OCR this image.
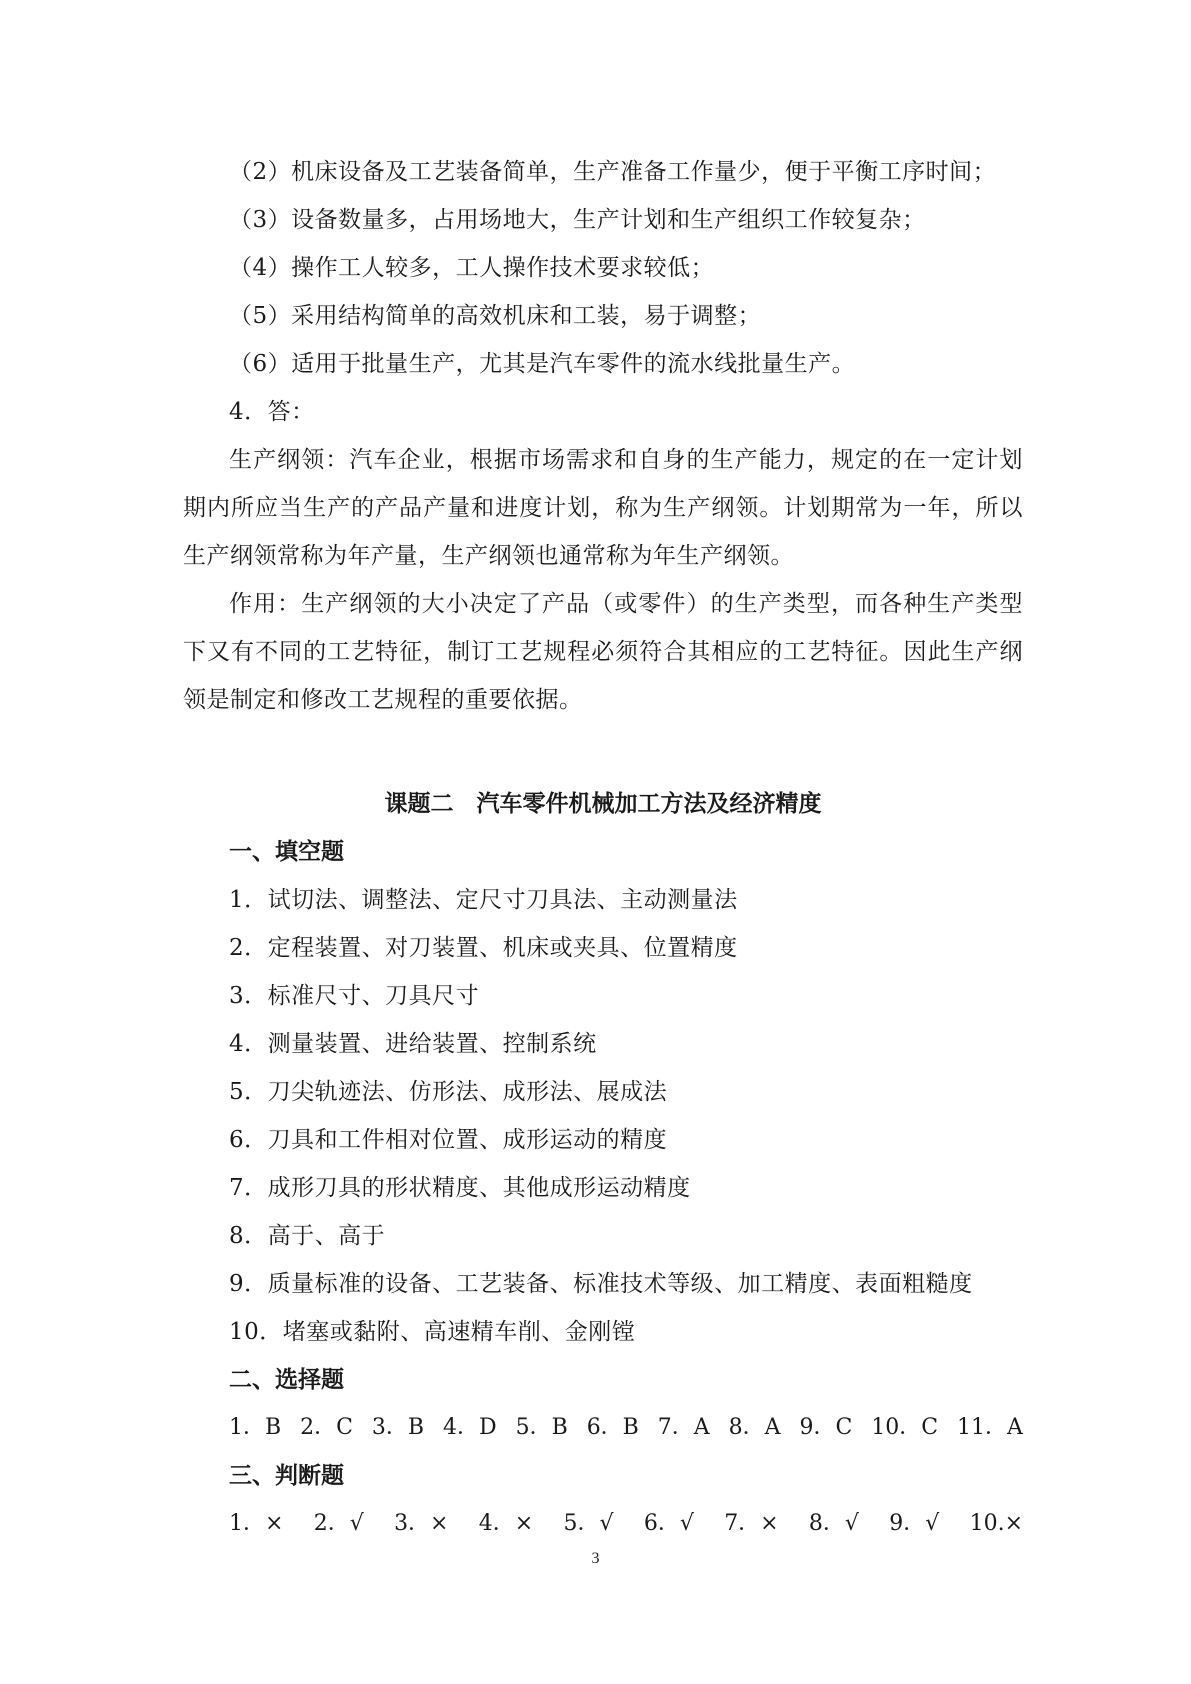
（2）机床设备及工艺装备简单，生产准备工作量少，便于平衡工序时间；
（3）设备数量多，占用场地大，生产计划和生产组织工作较复杂；
（4）操作工人较多，工人操作技术要求较低；
（5）采用结构简单的高效机床和工装，易于调整；
（6）适用于批量生产，尤其是汽车零件的流水线批量生产。
4．答：

生产纲领：汽车企业，根据市场需求和自身的生产能力，规定的在一定计划期内所应当生产的产品产量和进度计划，称为生产纲领。计划期常为一年，所以生产纲领常称为年产量，生产纲领也通常称为年生产纲领。

作用：生产纲领的大小决定了产品（或零件）的生产类型，而各种生产类型下又有不同的工艺特征，制订工艺规程必须符合其相应的工艺特征。因此生产纲领是制定和修改工艺规程的重要依据。

课题二　汽车零件机械加工方法及经济精度
一、填空题
1．试切法、调整法、定尺寸刀具法、主动测量法
2．定程装置、对刀装置、机床或夹具、位置精度
3．标准尺寸、刀具尺寸
4．测量装置、进给装置、控制系统
5．刀尖轨迹法、仿形法、成形法、展成法
6．刀具和工件相对位置、成形运动的精度
7．成形刀具的形状精度、其他成形运动精度
8．高于、高于
9．质量标准的设备、工艺装备、标准技术等级、加工精度、表面粗糙度
10．堵塞或黏附、高速精车削、金刚镗
二、选择题
1．B 2．C 3．B 4．D 5．B 6．B 7．A 8．A 9．C 10．C 11．A
三、判断题
1．× 2．√ 3．× 4．× 5．√ 6．√ 7．× 8．√ 9．√ 10.×
3
